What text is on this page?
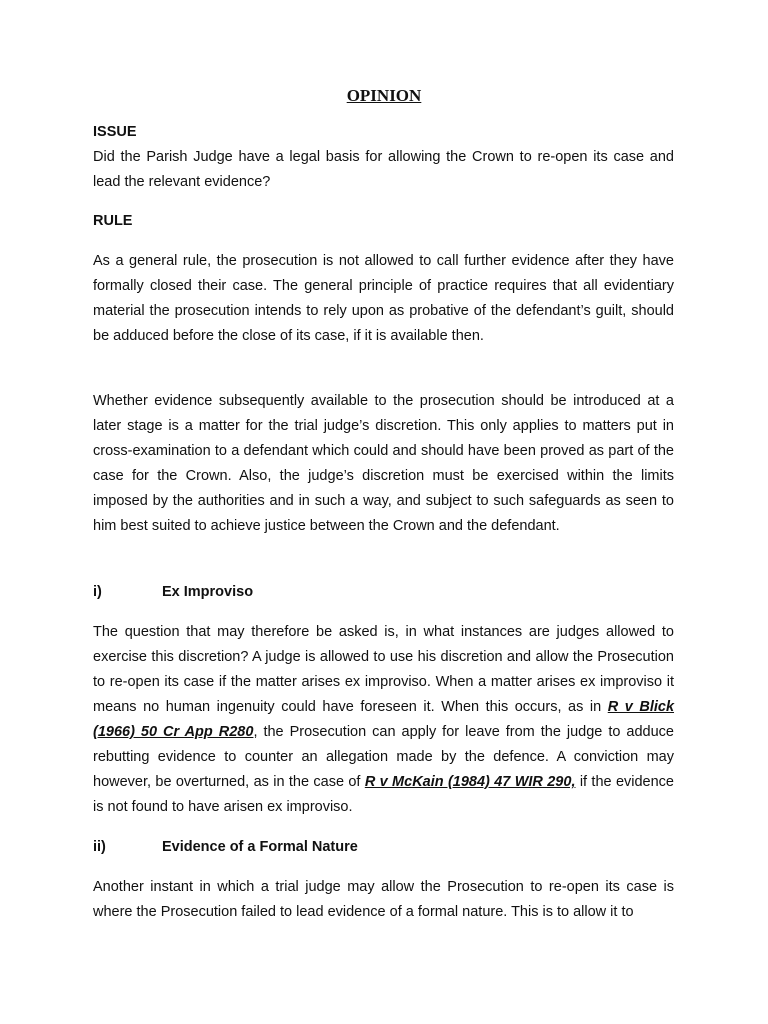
OPINION
ISSUE

Did the Parish Judge have a legal basis for allowing the Crown to re-open its case and lead the relevant evidence?

RULE

As a general rule, the prosecution is not allowed to call further evidence after they have formally closed their case. The general principle of practice requires that all evidentiary material the prosecution intends to rely upon as probative of the defendant’s guilt, should be adduced before the close of its case, if it is available then.

Whether evidence subsequently available to the prosecution should be introduced at a later stage is a matter for the trial judge’s discretion. This only applies to matters put in cross-examination to a defendant which could and should have been proved as part of the case for the Crown. Also, the judge’s discretion must be exercised within the limits imposed by the authorities and in such a way, and subject to such safeguards as seen to him best suited to achieve justice between the Crown and the defendant.

i)	Ex Improviso

The question that may therefore be asked is, in what instances are judges allowed to exercise this discretion? A judge is allowed to use his discretion and allow the Prosecution to re-open its case if the matter arises ex improviso. When a matter arises ex improviso it means no human ingenuity could have foreseen it. When this occurs, as in R v Blick (1966) 50 Cr App R280, the Prosecution can apply for leave from the judge to adduce rebutting evidence to counter an allegation made by the defence. A conviction may however, be overturned, as in the case of R v McKain (1984) 47 WIR 290, if the evidence is not found to have arisen ex improviso.

ii)	Evidence of a Formal Nature

Another instant in which a trial judge may allow the Prosecution to re-open its case is where the Prosecution failed to lead evidence of a formal nature. This is to allow it to
